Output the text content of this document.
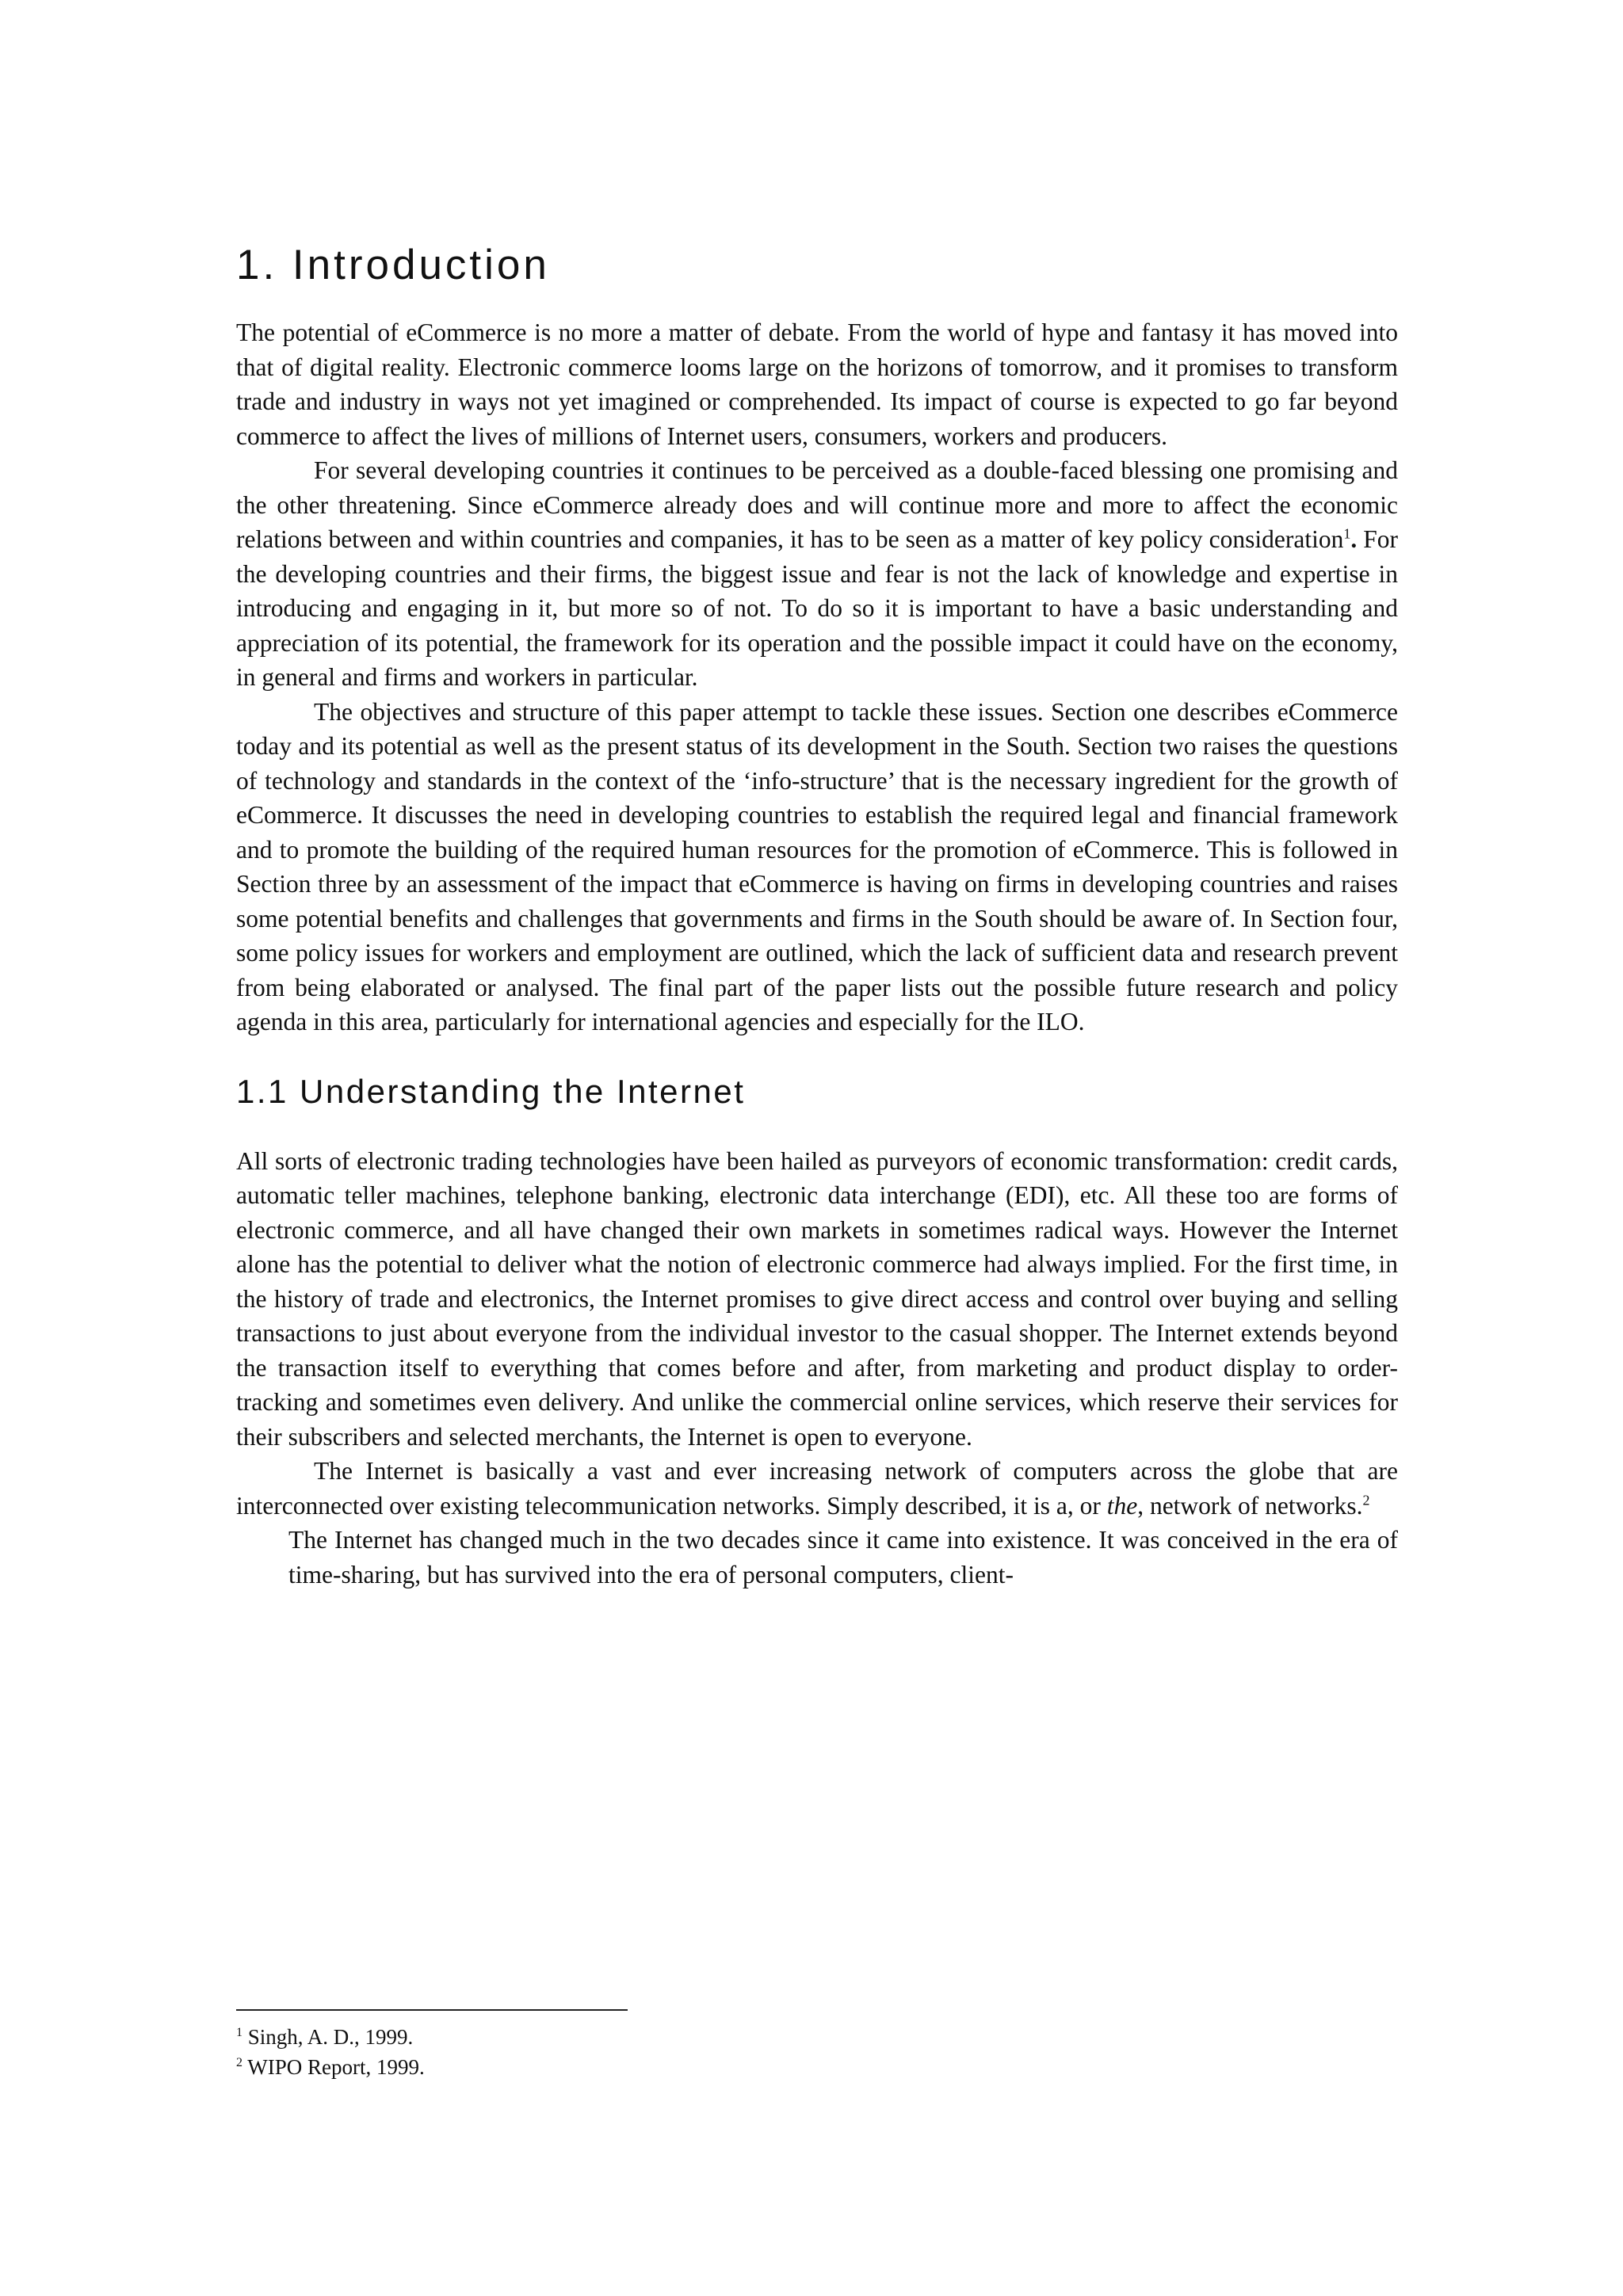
1. Introduction

The potential of eCommerce is no more a matter of debate. From the world of hype and fantasy it has moved into that of digital reality. Electronic commerce looms large on the horizons of tomorrow, and it promises to transform trade and industry in ways not yet imagined or comprehended. Its impact of course is expected to go far beyond commerce to affect the lives of millions of Internet users, consumers, workers and producers.

For several developing countries it continues to be perceived as a double-faced blessing one promising and the other threatening. Since eCommerce already does and will continue more and more to affect the economic relations between and within countries and companies, it has to be seen as a matter of key policy consideration$^1$. For the developing countries and their firms, the biggest issue and fear is not the lack of knowledge and expertise in introducing and engaging in it, but more so of not. To do so it is important to have a basic understanding and appreciation of its potential, the framework for its operation and the possible impact it could have on the economy, in general and firms and workers in particular.

The objectives and structure of this paper attempt to tackle these issues. Section one describes eCommerce today and its potential as well as the present status of its development in the South. Section two raises the questions of technology and standards in the context of the ‘info-structure’ that is the necessary ingredient for the growth of eCommerce. It discusses the need in developing countries to establish the required legal and financial framework and to promote the building of the required human resources for the promotion of eCommerce. This is followed in Section three by an assessment of the impact that eCommerce is having on firms in developing countries and raises some potential benefits and challenges that governments and firms in the South should be aware of. In Section four, some policy issues for workers and employment are outlined, which the lack of sufficient data and research prevent from being elaborated or analysed. The final part of the paper lists out the possible future research and policy agenda in this area, particularly for international agencies and especially for the ILO.

1.1 Understanding the Internet

All sorts of electronic trading technologies have been hailed as purveyors of economic transformation: credit cards, automatic teller machines, telephone banking, electronic data interchange (EDI), etc. All these too are forms of electronic commerce, and all have changed their own markets in sometimes radical ways. However the Internet alone has the potential to deliver what the notion of electronic commerce had always implied. For the first time, in the history of trade and electronics, the Internet promises to give direct access and control over buying and selling transactions to just about everyone from the individual investor to the casual shopper. The Internet extends beyond the transaction itself to everything that comes before and after, from marketing and product display to order-tracking and sometimes even delivery. And unlike the commercial online services, which reserve their services for their subscribers and selected merchants, the Internet is open to everyone.

The Internet is basically a vast and ever increasing network of computers across the globe that are interconnected over existing telecommunication networks. Simply described, it is a, or the, network of networks.$^2$

The Internet has changed much in the two decades since it came into existence. It was conceived in the era of time-sharing, but has survived into the era of personal computers, client-

$^1$ Singh, A. D., 1999.
$^2$ WIPO Report, 1999.
